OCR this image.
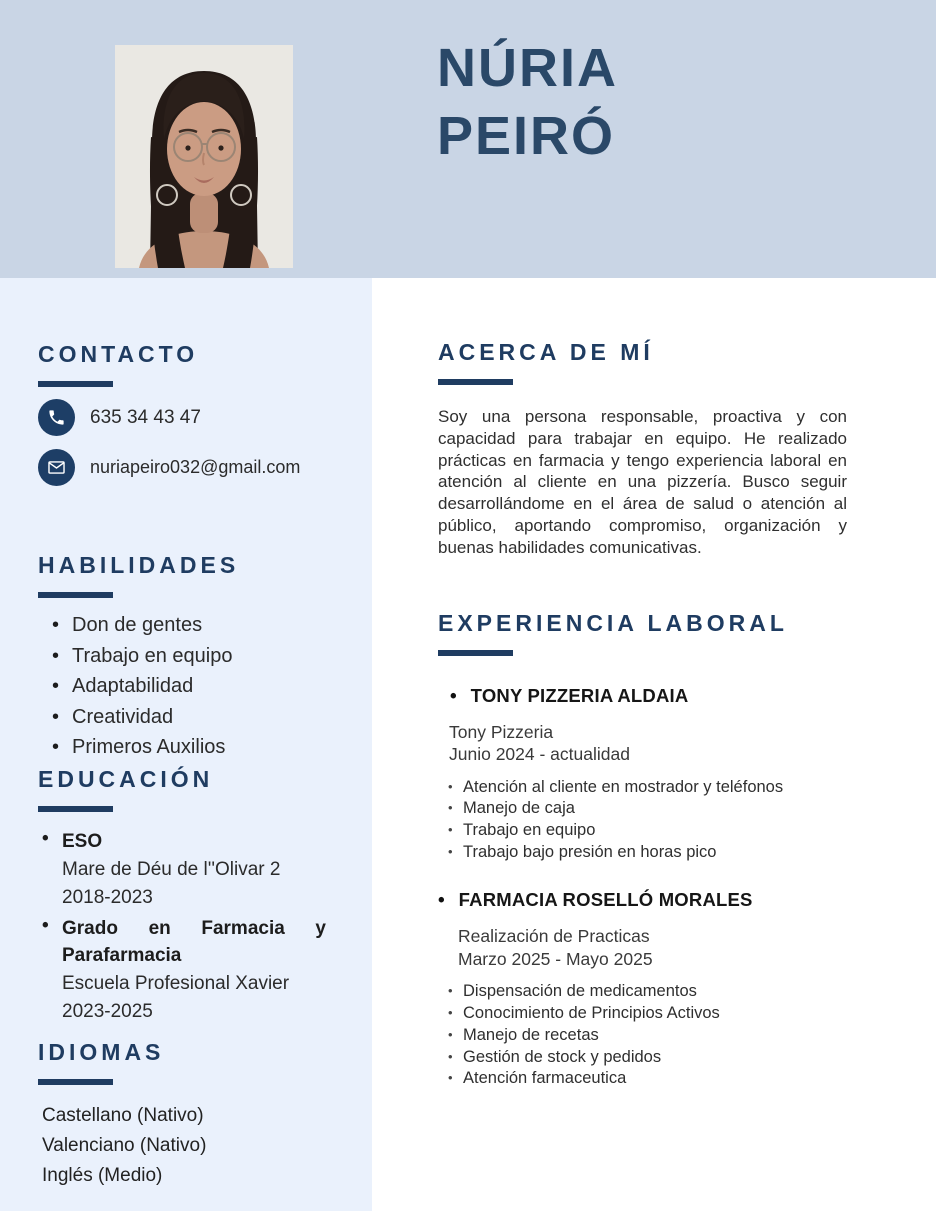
NÚRIA
PEIRÓ
CONTACTO
635 34 43 47
nuriapeiro032@gmail.com
HABILIDADES
• Don de gentes
• Trabajo en equipo
• Adaptabilidad
• Creatividad
• Primeros Auxilios
EDUCACIÓN
• ESO
Mare de Déu de l''Olivar 2
2018-2023
• Grado en Farmacia y Parafarmacia
Escuela Profesional Xavier
2023-2025
IDIOMAS
Castellano (Nativo)
Valenciano (Nativo)
Inglés (Medio)
ACERCA DE MÍ

Soy una persona responsable, proactiva y con capacidad para trabajar en equipo. He realizado prácticas en farmacia y tengo experiencia laboral en atención al cliente en una pizzería. Busco seguir desarrollándome en el área de salud o atención al público, aportando compromiso, organización y buenas habilidades comunicativas.

EXPERIENCIA LABORAL
• TONY PIZZERIA ALDAIA
Tony Pizzeria
Junio 2024 - actualidad
• Atención al cliente en mostrador y teléfonos
• Manejo de caja
• Trabajo en equipo
• Trabajo bajo presión en horas pico
• FARMACIA ROSELLÓ MORALES
Realización de Practicas
Marzo 2025 - Mayo 2025
• Dispensación de medicamentos
• Conocimiento de Principios Activos
• Manejo de recetas
• Gestión de stock y pedidos
• Atención farmaceutica
